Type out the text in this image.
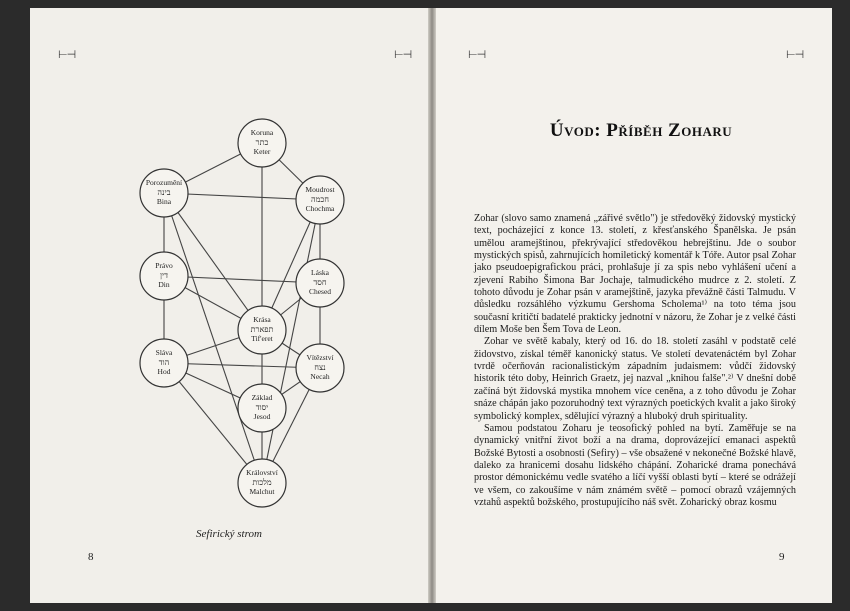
⊢⊣	⊢⊣
Koruna
כתר
Keter
Porozumění
בינה
Bina
Moudrost
חכמה
Chochma
Právo
דין
Din
Láska
חסד
Chesed
Krása
תפארת
Tif'eret
Sláva
הוד
Hod
Vítězství
נצח
Necah
Základ
יסוד
Jesod
Království
מלכות
Malchut
Sefirický strom
8
⊢⊣	⊢⊣
Úvod: Příběh Zoharu

Zohar (slovo samo znamená „zářivé světlo") je středověký židovský mystický text, pocházející z konce 13. století, z křesťanského Španělska. Je psán umělou aramejštinou, překrývající středověkou hebrejštinu. Jde o soubor mystických spisů, zahrnujících homiletický komentář k Tóře. Autor psal Zohar jako pseudoepigrafickou práci, prohlašuje jí za spis nebo vyhlášení učení a zjevení Rabiho Šimona Bar Jochaje, talmudického mudrce z 2. století. Z tohoto důvodu je Zohar psán v aramejštině, jazyka převážně části Talmudu. V důsledku rozsáhlého výzkumu Gershoma Scholema¹⁾ na toto téma jsou současní kritičtí badatelé prakticky jednotní v názoru, že Zohar je z velké části dílem Moše ben Šem Tova de Leon.

Zohar ve světě kabaly, který od 16. do 18. století zasáhl v podstatě celé židovstvo, získal téměř kanonický status. Ve století devatenáctém byl Zohar tvrdě očerňován racionalistickým západním judaismem: vůdčí židovský historik této doby, Heinrich Graetz, jej nazval „knihou falše".²⁾ V dnešní době začíná být židovská mystika mnohem více ceněna, a z toho důvodu je Zohar snáze chápán jako pozoruhodný text výrazných poetických kvalit a jako široký symbolický komplex, sdělující výrazný a hluboký druh spirituality.

Samou podstatou Zoharu je teosofický pohled na bytí. Zaměřuje se na dynamický vnitřní život boží a na drama, doprovázející emanaci aspektů Božské Bytosti a osobnosti (Sefiry) – vše obsažené v nekonečné Božské hlavě, daleko za hranicemi dosahu lidského chápání. Zoharické drama ponechává prostor démonickému vedle svatého a líčí vyšší oblasti bytí – které se odrážejí ve všem, co zakoušíme v nám známém světě – pomocí obrazů vzájemných vztahů aspektů božského, prostupujícího náš svět. Zoharický obraz kosmu

9
